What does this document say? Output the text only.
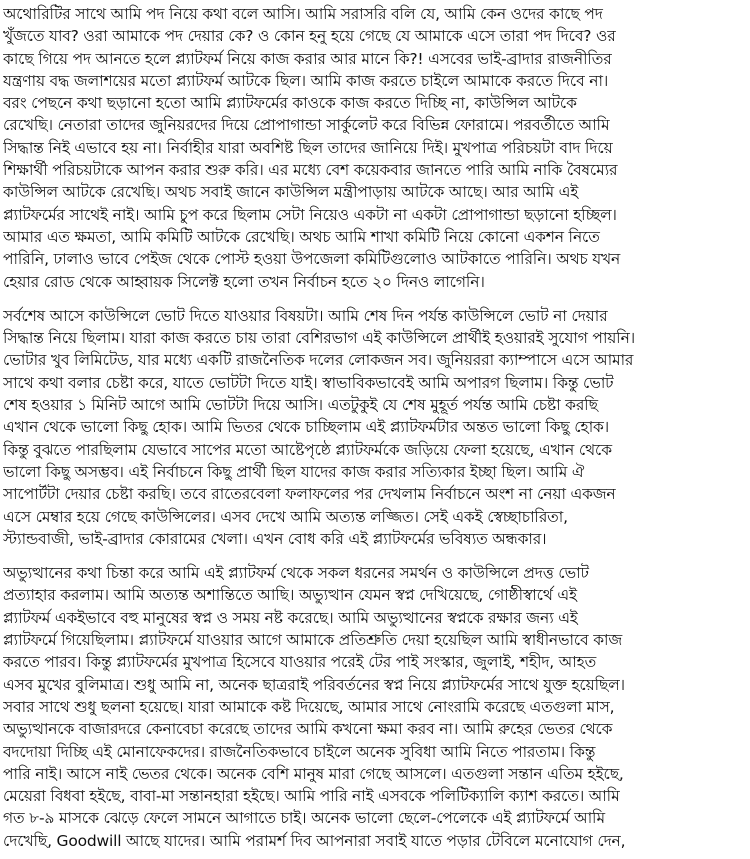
অথোরিটির সাথে আমি পদ নিয়ে কথা বলে আসি। আমি সরাসরি বলি যে, আমি কেন ওদের কাছে পদ
খুঁজতে যাব? ওরা আমাকে পদ দেয়ার কে? ও কোন হনু হয়ে গেছে যে আমাকে এসে তারা পদ দিবে? ওর
কাছে গিয়ে পদ আনতে হলে প্ল্যাটফর্ম নিয়ে কাজ করার আর মানে কি?! এসবের ভাই-ব্রাদার রাজনীতির
যন্ত্রণায় বদ্ধ জলাশয়ের মতো প্ল্যাটফর্ম আটকে ছিল। আমি কাজ করতে চাইলে আমাকে করতে দিবে না।
বরং পেছনে কথা ছড়ানো হতো আমি প্ল্যাটফর্মের কাওকে কাজ করতে দিচ্ছি না, কাউন্সিল আটকে
রেখেছি। নেতারা তাদের জুনিয়রদের দিয়ে প্রোপাগান্ডা সার্কুলেট করে বিভিন্ন ফোরামে। পরবর্তীতে আমি
সিদ্ধান্ত নিই এভাবে হয় না। নির্বাহীর যারা অবশিষ্ট ছিল তাদের জানিয়ে দিই। মুখপাত্র পরিচয়টা বাদ দিয়ে
শিক্ষার্থী পরিচয়টাকে আপন করার শুরু করি। এর মধ্যে বেশ কয়েকবার জানতে পারি আমি নাকি বৈষম্যের
কাউন্সিল আটকে রেখেছি। অথচ সবাই জানে কাউন্সিল মন্ত্রীপাড়ায় আটকে আছে। আর আমি এই
প্ল্যাটফর্মের সাথেই নাই। আমি চুপ করে ছিলাম সেটা নিয়েও একটা না একটা প্রোপাগান্ডা ছড়ানো হচ্ছিল।
আমার এত ক্ষমতা, আমি কমিটি আটকে রেখেছি। অথচ আমি শাখা কমিটি নিয়ে কোনো একশন নিতে
পারিনি, ঢালাও ভাবে পেইজ থেকে পোস্ট হওয়া উপজেলা কমিটিগুলোও আটকাতে পারিনি। অথচ যখন
হেয়ার রোড থেকে আহ্বায়ক সিলেক্ট হলো তখন নির্বাচন হতে ২০ দিনও লাগেনি।
সর্বশেষ আসে কাউন্সিলে ভোট দিতে যাওয়ার বিষয়টা। আমি শেষ দিন পর্যন্ত কাউন্সিলে ভোট না দেয়ার
সিদ্ধান্ত নিয়ে ছিলাম। যারা কাজ করতে চায় তারা বেশিরভাগ এই কাউন্সিলে প্রার্থীই হওয়ারই সুযোগ পায়নি।
ভোটার খুব লিমিটেড, যার মধ্যে একটি রাজনৈতিক দলের লোকজন সব। জুনিয়ররা ক্যাম্পাসে এসে আমার
সাথে কথা বলার চেষ্টা করে, যাতে ভোটটা দিতে যাই। স্বাভাবিকভাবেই আমি অপারগ ছিলাম। কিন্তু ভোট
শেষ হওয়ার ১ মিনিট আগে আমি ভোটটা দিয়ে আসি। এতটুকুই যে শেষ মুহূর্ত পর্যন্ত আমি চেষ্টা করছি
এখান থেকে ভালো কিছু হোক। আমি ভিতর থেকে চাচ্ছিলাম এই প্ল্যাটফর্মটার অন্তত ভালো কিছু হোক।
কিন্তু বুঝতে পারছিলাম যেভাবে সাপের মতো আষ্টেপৃষ্ঠে প্ল্যাটফর্মকে জড়িয়ে ফেলা হয়েছে, এখান থেকে
ভালো কিছু অসম্ভব। এই নির্বাচনে কিছু প্রার্থী ছিল যাদের কাজ করার সত্যিকার ইচ্ছা ছিল। আমি ঐ
সাপোর্টটা দেয়ার চেষ্টা করছি। তবে রাতেরবেলা ফলাফলের পর দেখলাম নির্বাচনে অংশ না নেয়া একজন
এসে মেম্বার হয়ে গেছে কাউন্সিলের। এসব দেখে আমি অত্যন্ত লজ্জিত। সেই একই স্বেচ্ছাচারিতা,
স্ট্যান্ডবাজী, ভাই-ব্রাদার কোরামের খেলা। এখন বোধ করি এই প্ল্যাটফর্মের ভবিষ্যত অন্ধকার।
অভ্যুত্থানের কথা চিন্তা করে আমি এই প্ল্যাটফর্ম থেকে সকল ধরনের সমর্থন ও কাউন্সিলে প্রদত্ত ভোট
প্রত্যাহার করলাম। আমি অত্যন্ত অশান্তিতে আছি। অভ্যুত্থান যেমন স্বপ্ন দেখিয়েছে, গোষ্ঠীস্বার্থে এই
প্ল্যাটফর্ম একইভাবে বহু মানুষের স্বপ্ন ও সময় নষ্ট করেছে। আমি অভ্যুত্থানের স্বপ্নকে রক্ষার জন্য এই
প্ল্যাটফর্মে গিয়েছিলাম। প্ল্যাটফর্মে যাওয়ার আগে আমাকে প্রতিশ্রুতি দেয়া হয়েছিল আমি স্বাধীনভাবে কাজ
করতে পারব। কিন্তু প্ল্যাটফর্মের মুখপাত্র হিসেবে যাওয়ার পরেই টের পাই সংস্কার, জুলাই, শহীদ, আহত
এসব মুখের বুলিমাত্র। শুধু আমি না, অনেক ছাত্ররাই পরিবর্তনের স্বপ্ন নিয়ে প্ল্যাটফর্মের সাথে যুক্ত হয়েছিল।
সবার সাথে শুধু ছলনা হয়েছে। যারা আমাকে কষ্ট দিয়েছে, আমার সাথে নোংরামি করেছে এতগুলা মাস,
অভ্যুত্থানকে বাজারদরে কেনাবেচা করেছে তাদের আমি কখনো ক্ষমা করব না। আমি রুহের ভেতর থেকে
বদদোয়া দিচ্ছি এই মোনাফেকদের। রাজনৈতিকভাবে চাইলে অনেক সুবিধা আমি নিতে পারতাম। কিন্তু
পারি নাই। আসে নাই ভেতর থেকে। অনেক বেশি মানুষ মারা গেছে আসলে। এতগুলা সন্তান এতিম হইছে,
মেয়েরা বিধবা হইছে, বাবা-মা সন্তানহারা হইছে। আমি পারি নাই এসবকে পলিটিক্যালি ক্যাশ করতে। আমি
গত ৮-৯ মাসকে ঝেড়ে ফেলে সামনে আগাতে চাই। অনেক ভালো ছেলে-পেলেকে এই প্ল্যাটফর্মে আমি
দেখেছি, Goodwill আছে যাদের। আমি পরামর্শ দিব আপনারা সবাই যাতে পড়ার টেবিলে মনোযোগ দেন,
